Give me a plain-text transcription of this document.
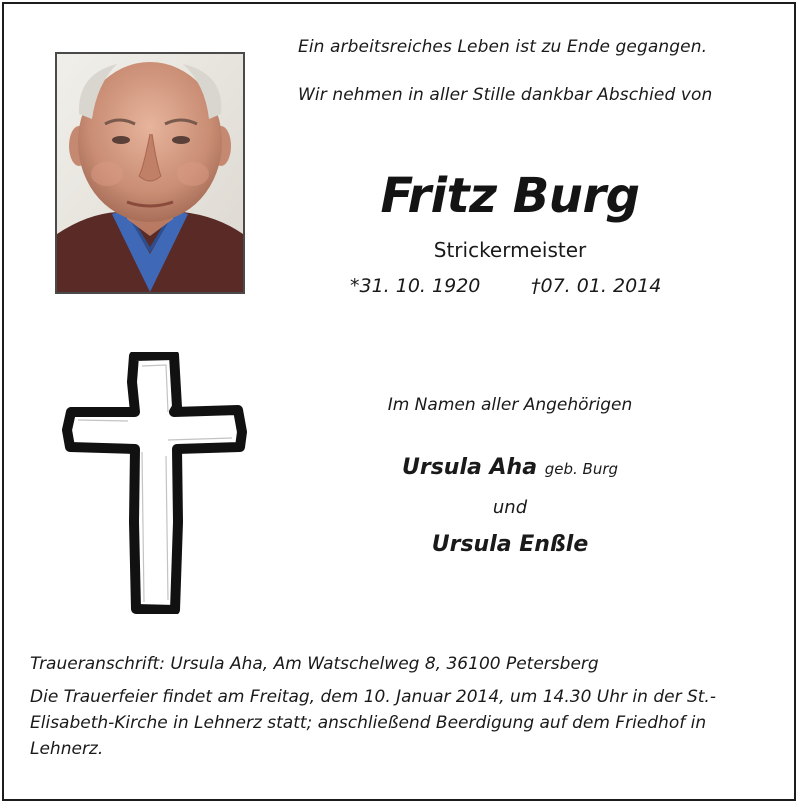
Ein arbeitsreiches Leben ist zu Ende gegangen.
Wir nehmen in aller Stille dankbar Abschied von
Fritz Burg
Strickermeister
*31. 10. 1920	†07. 01. 2014
Im Namen aller Angehörigen
Ursula Aha geb. Burg
und
Ursula Enßle
Traueranschrift: Ursula Aha, Am Watschelweg 8, 36100 Petersberg
Die Trauerfeier findet am Freitag, dem 10. Januar 2014, um 14.30 Uhr in der St.-Elisabeth-Kirche in Lehnerz statt; anschließend Beerdigung auf dem Friedhof in Lehnerz.
